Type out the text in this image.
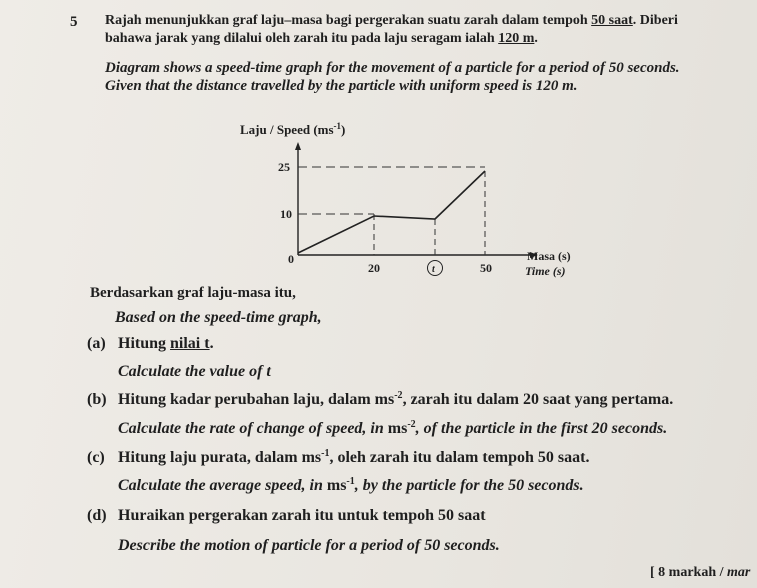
5 Rajah menunjukkan graf laju–masa bagi pergerakan suatu zarah dalam tempoh 50 saat. Diberi
bahawa jarak yang dilalui oleh zarah itu pada laju seragam ialah 120 m.
Diagram shows a speed-time graph for the movement of a particle for a period of 50 seconds.
Given that the distance travelled by the particle with uniform speed is 120 m.
Laju / Speed $(ms^{-1})$
25
10
0
20	t	50
Masa (s)
Time (s)
Berdasarkan graf laju-masa itu,
Based on the speed-time graph,
(a) Hitung nilai t.
Calculate the value of t
(b) Hitung kadar perubahan laju, dalam $ms^{-2}$, zarah itu dalam 20 saat yang pertama.
Calculate the rate of change of speed, in $ms^{-2}$, of the particle in the first 20 seconds.
(c) Hitung laju purata, dalam $ms^{-1}$, oleh zarah itu dalam tempoh 50 saat.
Calculate the average speed, in $ms^{-1}$, by the particle for the 50 seconds.
(d) Huraikan pergerakan zarah itu untuk tempoh 50 saat
Describe the motion of particle for a period of 50 seconds.
[ 8 markah / mar
